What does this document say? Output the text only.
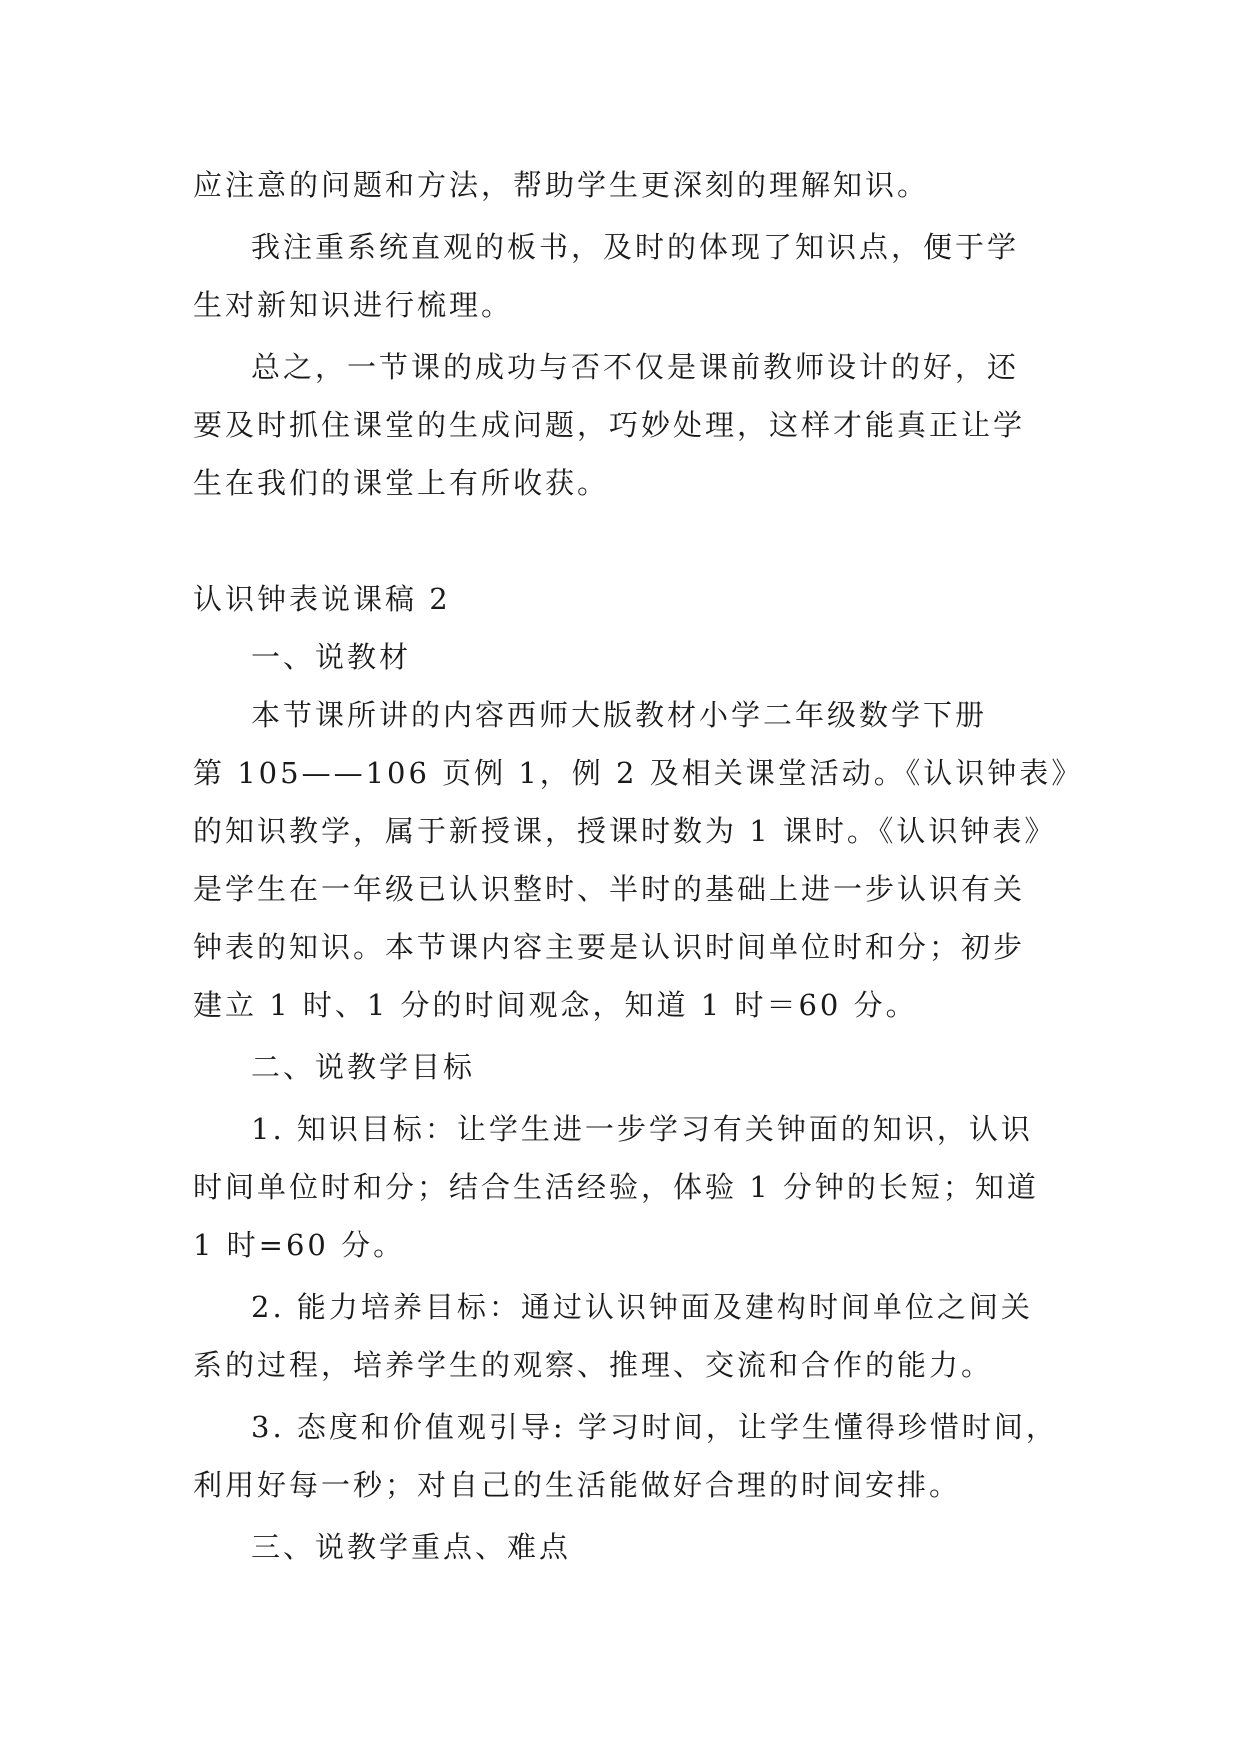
应注意的问题和方法，帮助学生更深刻的理解知识。

我注重系统直观的板书，及时的体现了知识点，便于学

生对新知识进行梳理。

总之，一节课的成功与否不仅是课前教师设计的好，还

要及时抓住课堂的生成问题，巧妙处理，这样才能真正让学

生在我们的课堂上有所收获。

认识钟表说课稿 2

一、说教材

本节课所讲的内容西师大版教材小学二年级数学下册

第 105——106 页例 1，例 2 及相关课堂活动。《认识钟表》

的知识教学，属于新授课，授课时数为 1 课时。《认识钟表》

是学生在一年级已认识整时、半时的基础上进一步认识有关

钟表的知识。本节课内容主要是认识时间单位时和分；初步

建立 1 时、1 分的时间观念，知道 1 时＝60 分。

二、说教学目标

1. 知识目标：让学生进一步学习有关钟面的知识，认识

时间单位时和分；结合生活经验，体验 1 分钟的长短；知道

1 时=60 分。

2. 能力培养目标：通过认识钟面及建构时间单位之间关

系的过程，培养学生的观察、推理、交流和合作的能力。

3. 态度和价值观引导: 学习时间，让学生懂得珍惜时间，

利用好每一秒；对自己的生活能做好合理的时间安排。

三、说教学重点、难点
